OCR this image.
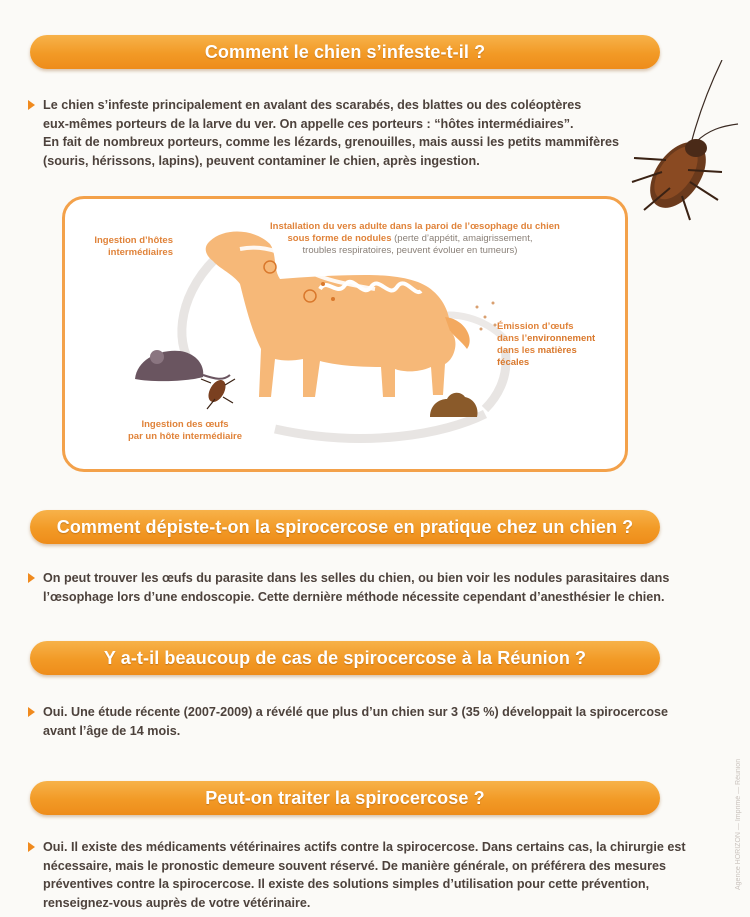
Comment le chien s’infeste-t-il ?
Le chien s’infeste principalement en avalant des scarabés, des blattes ou des coléoptères
eux-mêmes porteurs de la larve du ver. On appelle ces porteurs : “hôtes intermédiaires”.
En fait de nombreux porteurs, comme les lézards, grenouilles, mais aussi les petits mammifères
(souris, hérissons, lapins), peuvent contaminer le chien, après ingestion.
Ingestion d’hôtes
intermédiaires
Installation du vers adulte dans la paroi de l’œsophage du chien
sous forme de nodules (perte d’appétit, amaigrissement,
troubles respiratoires, peuvent évoluer en tumeurs)
Émission d’œufs
dans l’environnement
dans les matières
fécales
Ingestion des œufs
par un hôte intermédiaire
Comment dépiste-t-on la spirocercose en pratique chez un chien ?
On peut trouver les œufs du parasite dans les selles du chien, ou bien voir les nodules parasitaires dans
l’œsophage lors d’une endoscopie. Cette dernière méthode nécessite cependant d’anesthésier le chien.
Y a-t-il beaucoup de cas de spirocercose à la Réunion ?
Oui. Une étude récente (2007-2009) a révélé que plus d’un chien sur 3 (35 %) développait la spirocercose
avant l’âge de 14 mois.
Peut-on traiter la spirocercose ?
Oui. Il existe des médicaments vétérinaires actifs contre la spirocercose. Dans certains cas, la chirurgie est
nécessaire, mais le pronostic demeure souvent réservé. De manière générale, on préférera des mesures
préventives contre la spirocercose. Il existe des solutions simples d’utilisation pour cette prévention,
renseignez-vous auprès de votre vétérinaire.
Agence HORIZON — Imprimé — Réunion
